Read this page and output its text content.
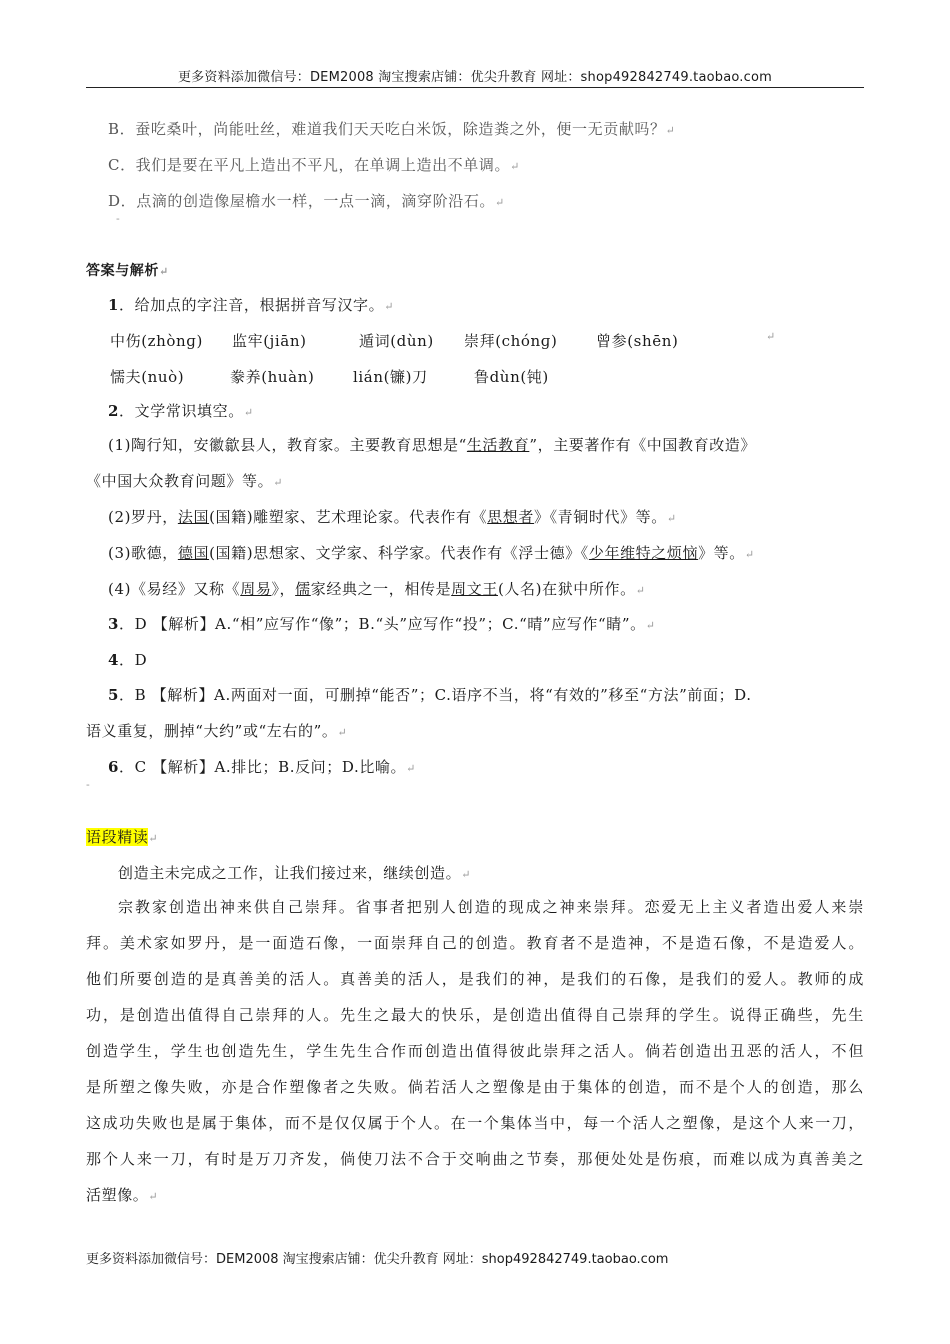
更多资料添加微信号：DEM2008 淘宝搜索店铺：优尖升教育 网址：shop492842749.taobao.com
B．蚕吃桑叶，尚能吐丝，难道我们天天吃白米饭，除造粪之外，便一无贡献吗？↵
C．我们是要在平凡上造出不平凡，在单调上造出不单调。↵
D．点滴的创造像屋檐水一样，一点一滴，滴穿阶沿石。↵
-
答案与解析↵
1．给加点的字注音，根据拼音写汉字。↵
中伤(zhònɡ) 监牢(jiān)	遁词(dùn) 崇拜(chónɡ)	曾参(shēn)	↵
懦夫(nuò)	豢养(huàn)	lián(镰)刀	鲁dùn(钝)
2．文学常识填空。↵
(1)陶行知，安徽歙县人，教育家。主要教育思想是“生活教育”，主要著作有《中国教育改造》
《中国大众教育问题》等。↵
(2)罗丹，法国(国籍)雕塑家、艺术理论家。代表作有《思想者》《青铜时代》等。↵
(3)歌德，德国(国籍)思想家、文学家、科学家。代表作有《浮士德》《少年维特之烦恼》等。↵
(4)《易经》又称《周易》，儒家经典之一，相传是周文王(人名)在狱中所作。↵
3．D 【解析】A.“相”应写作“像”；B.“头”应写作“投”；C.“晴”应写作“睛”。↵
4．D
5．B 【解析】A.两面对一面，可删掉“能否”；C.语序不当，将“有效的”移至“方法”前面；D.
语义重复，删掉“大约”或“左右的”。↵
6．C 【解析】A.排比；B.反问；D.比喻。↵
-
语段精读↵
创造主未完成之工作，让我们接过来，继续创造。↵
宗教家创造出神来供自己崇拜。省事者把别人创造的现成之神来崇拜。恋爱无上主义者造出爱人来崇
拜。美术家如罗丹，是一面造石像，一面崇拜自己的创造。教育者不是造神，不是造石像，不是造爱人。
他们所要创造的是真善美的活人。真善美的活人，是我们的神，是我们的石像，是我们的爱人。教师的成
功，是创造出值得自己崇拜的人。先生之最大的快乐，是创造出值得自己崇拜的学生。说得正确些，先生
创造学生，学生也创造先生，学生先生合作而创造出值得彼此崇拜之活人。倘若创造出丑恶的活人，不但
是所塑之像失败，亦是合作塑像者之失败。倘若活人之塑像是由于集体的创造，而不是个人的创造，那么
这成功失败也是属于集体，而不是仅仅属于个人。在一个集体当中，每一个活人之塑像，是这个人来一刀，
那个人来一刀，有时是万刀齐发，倘使刀法不合于交响曲之节奏，那便处处是伤痕，而难以成为真善美之
活塑像。↵
更多资料添加微信号：DEM2008 淘宝搜索店铺：优尖升教育 网址：shop492842749.taobao.com
